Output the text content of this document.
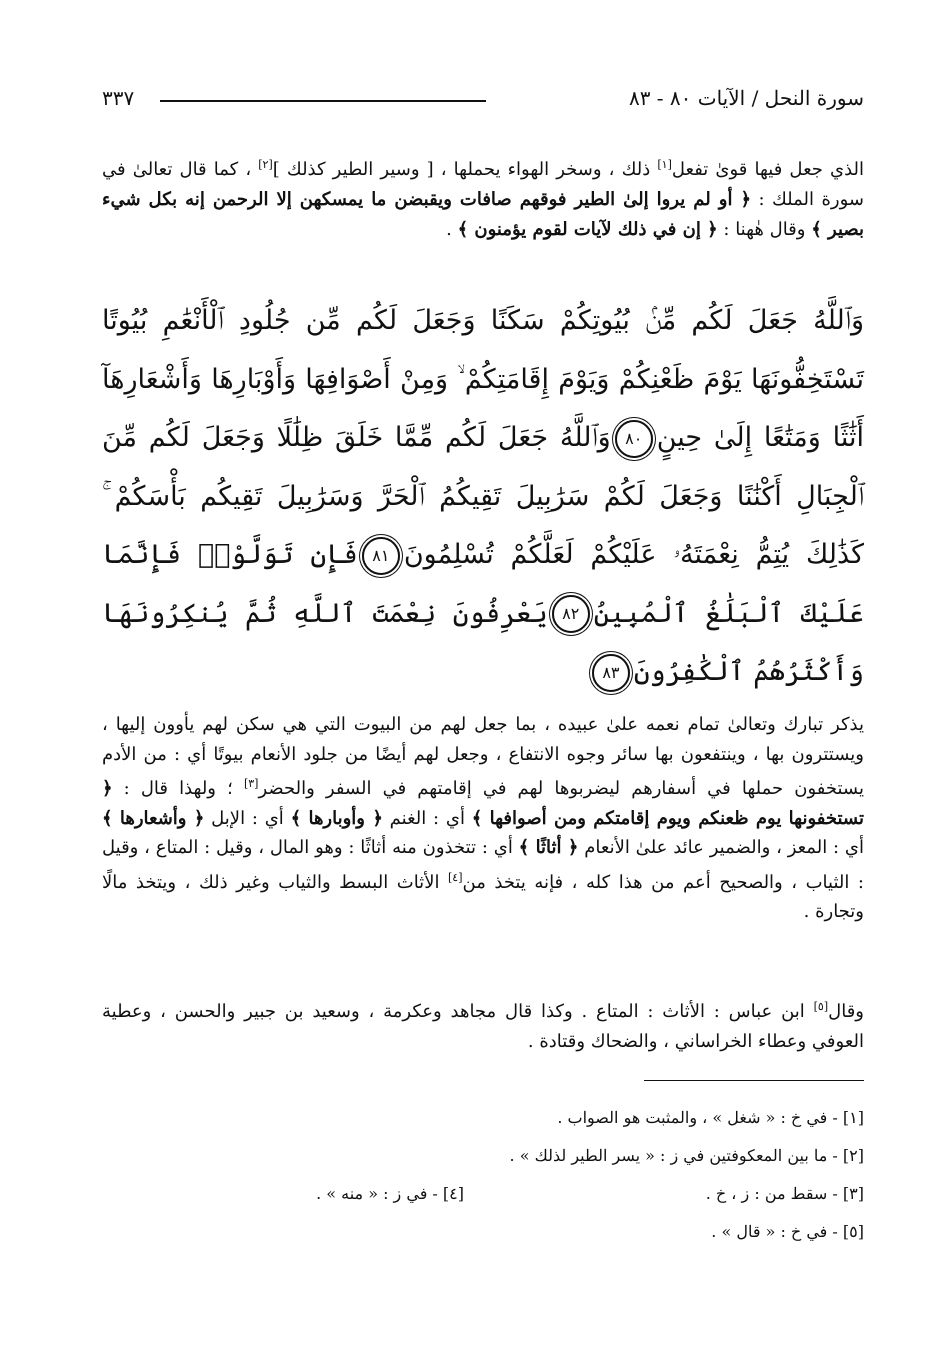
سورة النحل / الآيات ٨٠ - ٨٣
٣٣٧
الذي جعل فيها قوىٰ تفعل[١] ذلك ، وسخر الهواء يحملها ، [ وسير الطير كذلك ][٢] ، كما قال تعالىٰ في سورة الملك : ﴿ أو لم يروا إلىٰ الطير فوقهم صافات ويقبضن ما يمسكهن إلا الرحمن إنه بكل شيء بصير ﴾ وقال هٰهنا : ﴿ إن في ذلك لآيات لقوم يؤمنون ﴾ .
وَٱللَّهُ جَعَلَ لَكُم مِّنۢ بُيُوتِكُمْ سَكَنًا وَجَعَلَ لَكُم مِّن جُلُودِ ٱلْأَنْعَٰمِ بُيُوتًا تَسْتَخِفُّونَهَا يَوْمَ ظَعْنِكُمْ وَيَوْمَ إِقَامَتِكُمْ ۙ وَمِنْ أَصْوَافِهَا وَأَوْبَارِهَا وَأَشْعَارِهَآ أَثَٰثًا وَمَتَٰعًا إِلَىٰ حِينٍ٨٠وَٱللَّهُ جَعَلَ لَكُم مِّمَّا خَلَقَ ظِلَٰلًا وَجَعَلَ لَكُم مِّنَ ٱلْجِبَالِ أَكْنَٰنًا وَجَعَلَ لَكُمْ سَرَٰبِيلَ تَقِيكُمُ ٱلْحَرَّ وَسَرَٰبِيلَ تَقِيكُم بَأْسَكُمْ ۚ كَذَٰلِكَ يُتِمُّ نِعْمَتَهُۥ عَلَيْكُمْ لَعَلَّكُمْ تُسْلِمُونَ٨١فَإِن تَوَلَّوْا۟ فَإِنَّمَا عَلَيْكَ ٱلْبَلَٰغُ ٱلْمُبِينُ٨٢يَعْرِفُونَ نِعْمَتَ ٱللَّهِ ثُمَّ يُنكِرُونَهَا وَأَكْثَرُهُمُ ٱلْكَٰفِرُونَ٨٣
يذكر تبارك وتعالىٰ تمام نعمه علىٰ عبيده ، بما جعل لهم من البيوت التي هي سكن لهم يأوون إليها ، ويستترون بها ، وينتفعون بها سائر وجوه الانتفاع ، وجعل لهم أيضًا من جلود الأنعام بيوتًا أي : من الأدم يستخفون حملها في أسفارهم ليضربوها لهم في إقامتهم في السفر والحضر[٣] ؛ ولهذا قال : ﴿ تستخفونها يوم ظعنكم ويوم إقامتكم ومن أصوافها ﴾ أي : الغنم ﴿ وأوبارها ﴾ أي : الإبل ﴿ وأشعارها ﴾ أي : المعز ، والضمير عائد علىٰ الأنعام ﴿ أثاثًا ﴾ أي : تتخذون منه أثاثًا : وهو المال ، وقيل : المتاع ، وقيل : الثياب ، والصحيح أعم من هذا كله ، فإنه يتخذ من[٤] الأثاث البسط والثياب وغير ذلك ، ويتخذ مالًا وتجارة .
وقال[٥] ابن عباس : الأثاث : المتاع . وكذا قال مجاهد وعكرمة ، وسعيد بن جبير والحسن ، وعطية العوفي وعطاء الخراساني ، والضحاك وقتادة .
[١] - في خ : « شغل » ، والمثبت هو الصواب .
[٢] - ما بين المعكوفتين في ز : « يسر الطير لذلك » .
[٣] - سقط من : ز ، خ .
[٤] - في ز : « منه » .
[٥] - في خ : « قال » .
